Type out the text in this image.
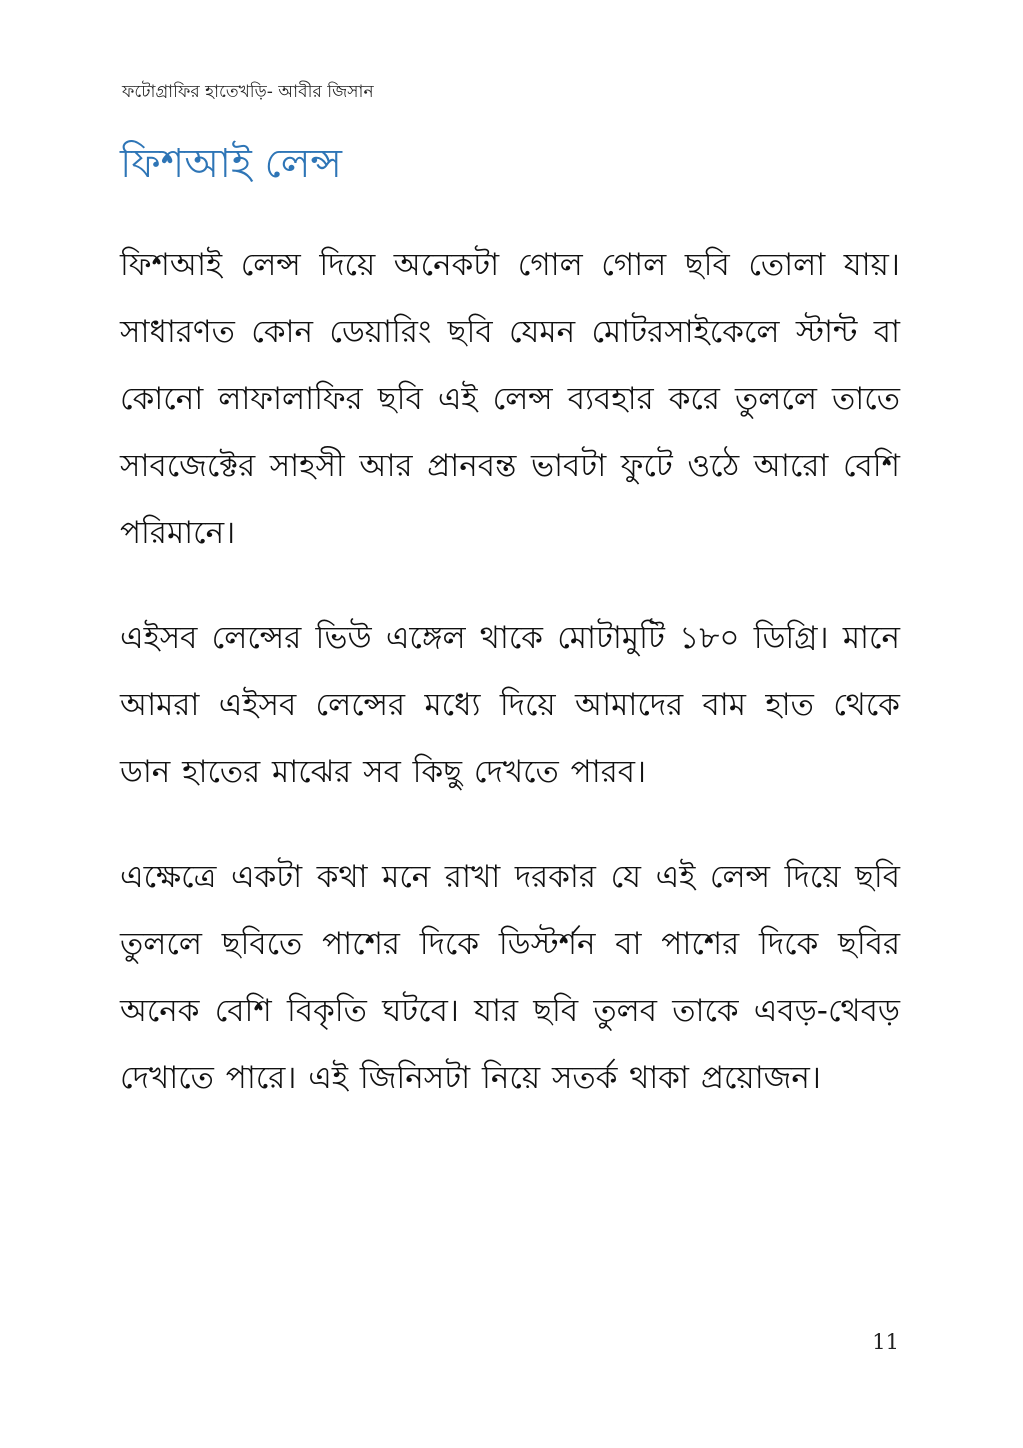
ফটোগ্রাফির হাতেখড়ি- আবীর জিসান
ফিশআই লেন্স

ফিশআই লেন্স দিয়ে অনেকটা গোল গোল ছবি তোলা যায়। সাধারণত কোন ডেয়ারিং ছবি যেমন মোটরসাইকেলে স্টান্ট বা কোনো লাফালাফির ছবি এই লেন্স ব্যবহার করে তুললে তাতে সাবজেক্টের সাহসী আর প্রানবন্ত ভাবটা ফুটে ওঠে আরো বেশি পরিমানে।

এইসব লেন্সের ভিউ এঙ্গেল থাকে মোটামুটি ১৮০ ডিগ্রি। মানে আমরা এইসব লেন্সের মধ্যে দিয়ে আমাদের বাম হাত থেকে ডান হাতের মাঝের সব কিছু দেখতে পারব।

এক্ষেত্রে একটা কথা মনে রাখা দরকার যে এই লেন্স দিয়ে ছবি তুললে ছবিতে পাশের দিকে ডিস্টর্শন বা পাশের দিকে ছবির অনেক বেশি বিকৃতি ঘটবে। যার ছবি তুলব তাকে এবড়-থেবড় দেখাতে পারে। এই জিনিসটা নিয়ে সতর্ক থাকা প্রয়োজন।

11
